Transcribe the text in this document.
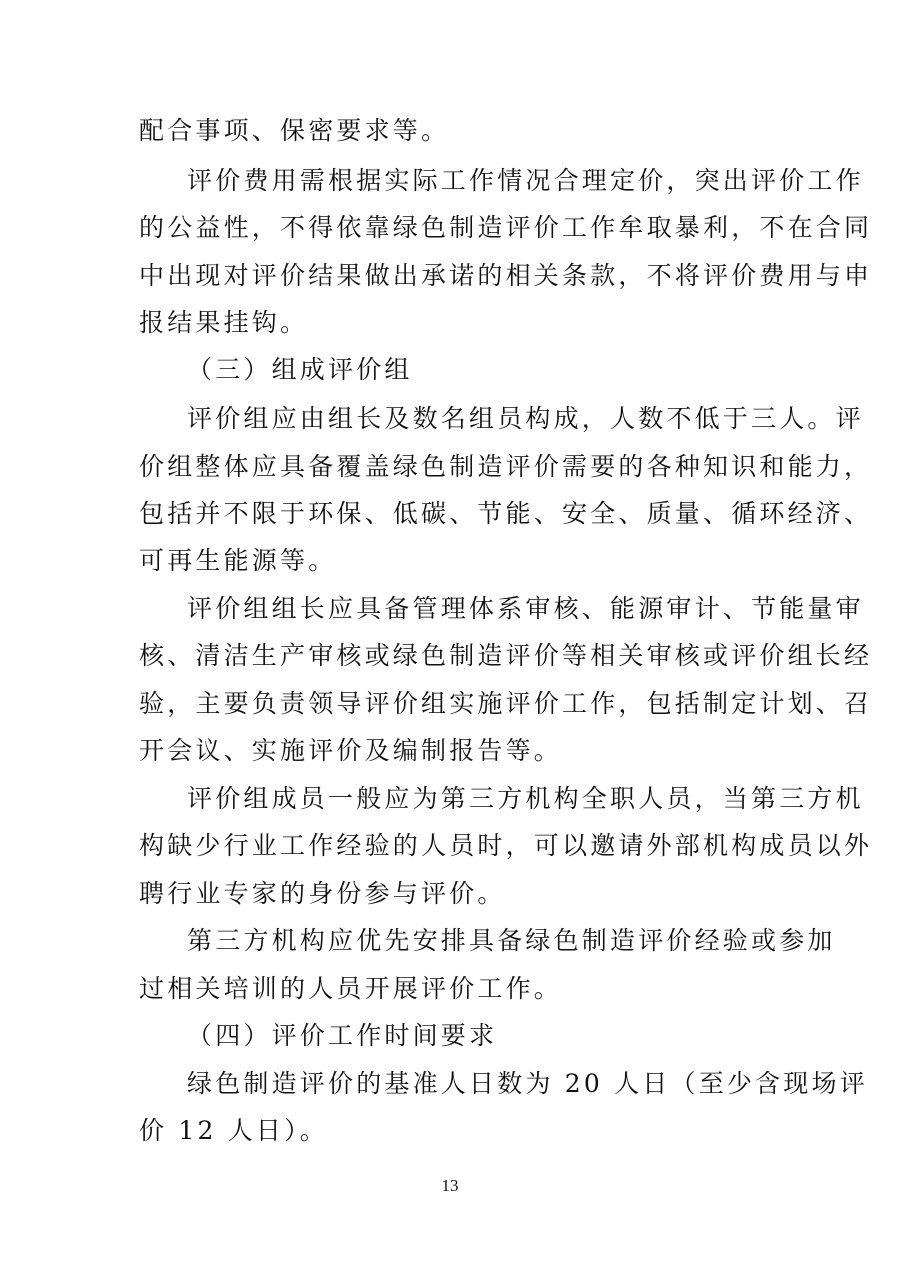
配合事项、保密要求等。
评价费用需根据实际工作情况合理定价，突出评价工作
的公益性，不得依靠绿色制造评价工作牟取暴利，不在合同
中出现对评价结果做出承诺的相关条款，不将评价费用与申
报结果挂钩。
（三）组成评价组
评价组应由组长及数名组员构成，人数不低于三人。评
价组整体应具备覆盖绿色制造评价需要的各种知识和能力，
包括并不限于环保、低碳、节能、安全、质量、循环经济、
可再生能源等。
评价组组长应具备管理体系审核、能源审计、节能量审
核、清洁生产审核或绿色制造评价等相关审核或评价组长经
验，主要负责领导评价组实施评价工作，包括制定计划、召
开会议、实施评价及编制报告等。
评价组成员一般应为第三方机构全职人员，当第三方机
构缺少行业工作经验的人员时，可以邀请外部机构成员以外
聘行业专家的身份参与评价。
第三方机构应优先安排具备绿色制造评价经验或参加
过相关培训的人员开展评价工作。
（四）评价工作时间要求
绿色制造评价的基准人日数为 20 人日（至少含现场评
价 12 人日）。
13
